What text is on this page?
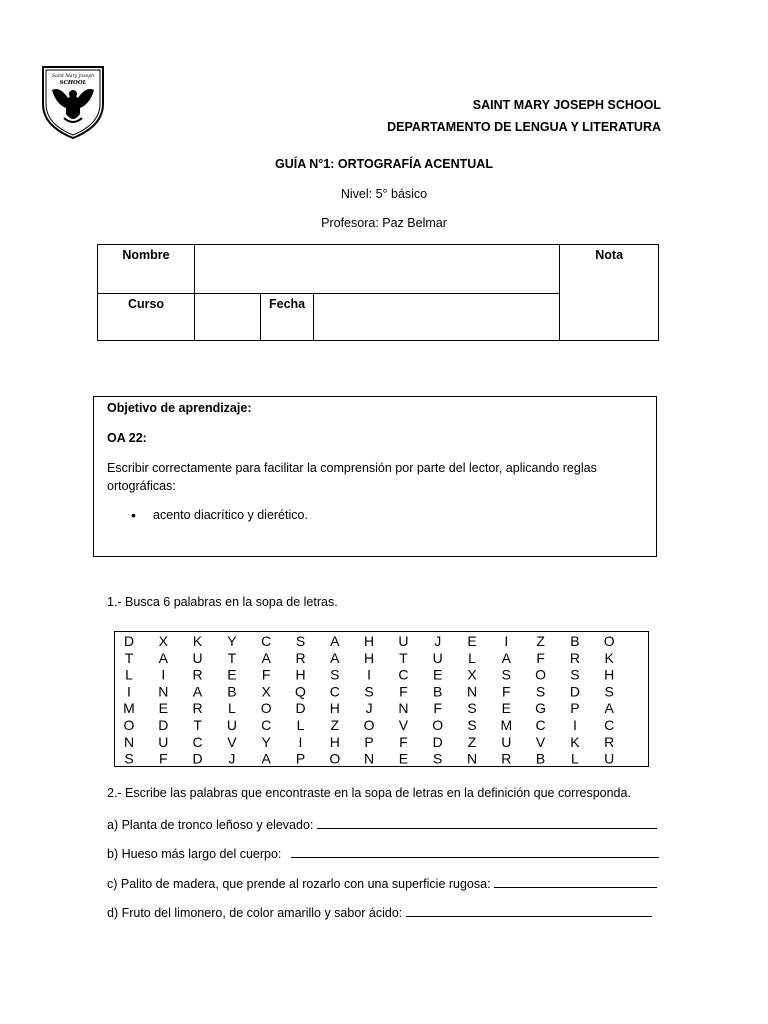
Saint Mary Joseph
SCHOOL
SAINT MARY JOSEPH SCHOOL
DEPARTAMENTO DE LENGUA Y LITERATURA
GUÍA N°1: ORTOGRAFÍA ACENTUAL
Nivel: 5° básico
Profesora: Paz Belmar
Nombre				Nota
Curso		Fecha		

Objetivo de aprendizaje:

OA 22:

Escribir correctamente para facilitar la comprensión por parte del lector, aplicando reglas ortográficas:

• acento diacrítico y dierético.

1.- Busca 6 palabras en la sopa de letras.
D X K Y C S A H U J E I Z B O
T A U T A R A H T U L A F R K
L I R E F H S I C E X S O S H
I N A B X Q C S F B N F S D S
M E R L O D H J N F S E G P A
O D T U C L Z O V O S M C I C
N U C V Y I H P F D Z U V K R
S F D J A P O N E S N R B L U
2.- Escribe las palabras que encontraste en la sopa de letras en la definición que corresponda.
a) Planta de tronco leñoso y elevado:
b) Hueso más largo del cuerpo:
c) Palito de madera, que prende al rozarlo con una superficie rugosa:
d) Fruto del limonero, de color amarillo y sabor ácido:
